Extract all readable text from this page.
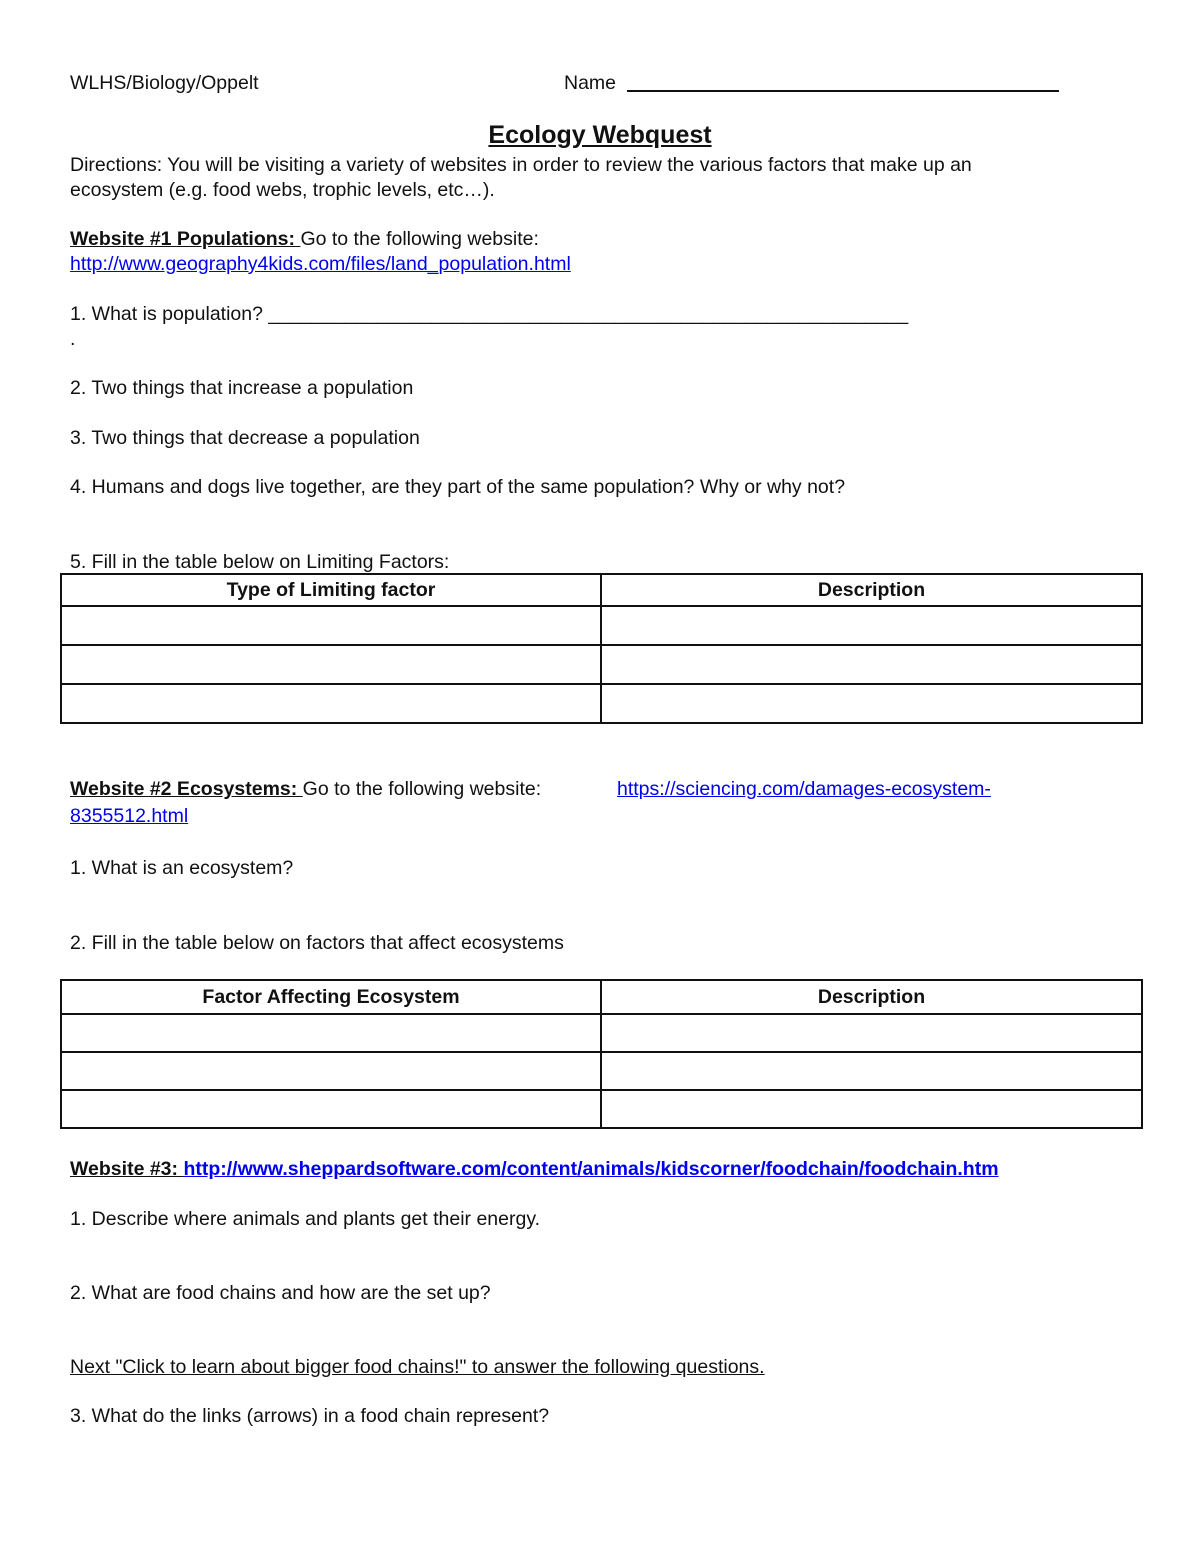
WLHS/Biology/Oppelt	Name
Ecology Webquest
Directions: You will be visiting a variety of websites in order to review the various factors that make up an
ecosystem (e.g. food webs, trophic levels, etc…).
Website #1 Populations: Go to the following website:
http://www.geography4kids.com/files/land_population.html
1. What is population? ___________________________________________________________
.
2. Two things that increase a population
3. Two things that decrease a population
4. Humans and dogs live together, are they part of the same population? Why or why not?
5. Fill in the table below on Limiting Factors:
Type of Limiting factor	Description

Website #2 Ecosystems: Go to the following website:	https://sciencing.com/damages-ecosystem-
8355512.html
1. What is an ecosystem?
2. Fill in the table below on factors that affect ecosystems
Factor Affecting Ecosystem	Description

Website #3: http://www.sheppardsoftware.com/content/animals/kidscorner/foodchain/foodchain.htm
1. Describe where animals and plants get their energy.
2. What are food chains and how are the set up?
Next "Click to learn about bigger food chains!" to answer the following questions.
3. What do the links (arrows) in a food chain represent?
